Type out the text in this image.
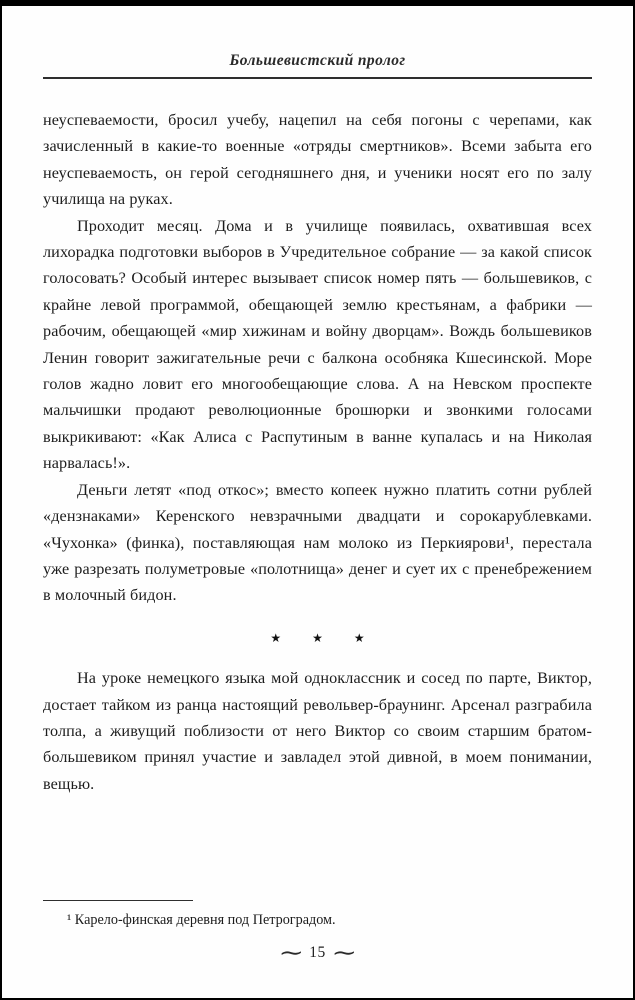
Большевистский пролог

неуспеваемости, бросил учебу, нацепил на себя погоны с черепами, как зачисленный в какие-то военные «отряды смертников». Всеми забыта его неуспеваемость, он герой сегодняшнего дня, и ученики носят его по залу училища на руках.

Проходит месяц. Дома и в училище появилась, охватившая всех лихорадка подготовки выборов в Учредительное собрание — за какой список голосовать? Особый интерес вызывает список номер пять — большевиков, с крайне левой программой, обещающей землю крестьянам, а фабрики — рабочим, обещающей «мир хижинам и войну дворцам». Вождь большевиков Ленин говорит зажигательные речи с балкона особняка Кшесинской. Море голов жадно ловит его многообещающие слова. А на Невском проспекте мальчишки продают революционные брошюрки и звонкими голосами выкрикивают: «Как Алиса с Распутиным в ванне купалась и на Николая нарвалась!».

Деньги летят «под откос»; вместо копеек нужно платить сотни рублей «дензнаками» Керенского невзрачными двадцати и сорокарублевками. «Чухонка» (финка), поставляющая нам молоко из Перкиярови¹, перестала уже разрезать полуметровые «полотнища» денег и сует их с пренебрежением в молочный бидон.

★ ★ ★

На уроке немецкого языка мой одноклассник и сосед по парте, Виктор, достает тайком из ранца настоящий револьвер-браунинг. Арсенал разграбила толпа, а живущий поблизости от него Виктор со своим старшим братом-большевиком принял участие и завладел этой дивной, в моем понимании, вещью.

¹ Карело-финская деревня под Петроградом.

∼ 15 ∼
